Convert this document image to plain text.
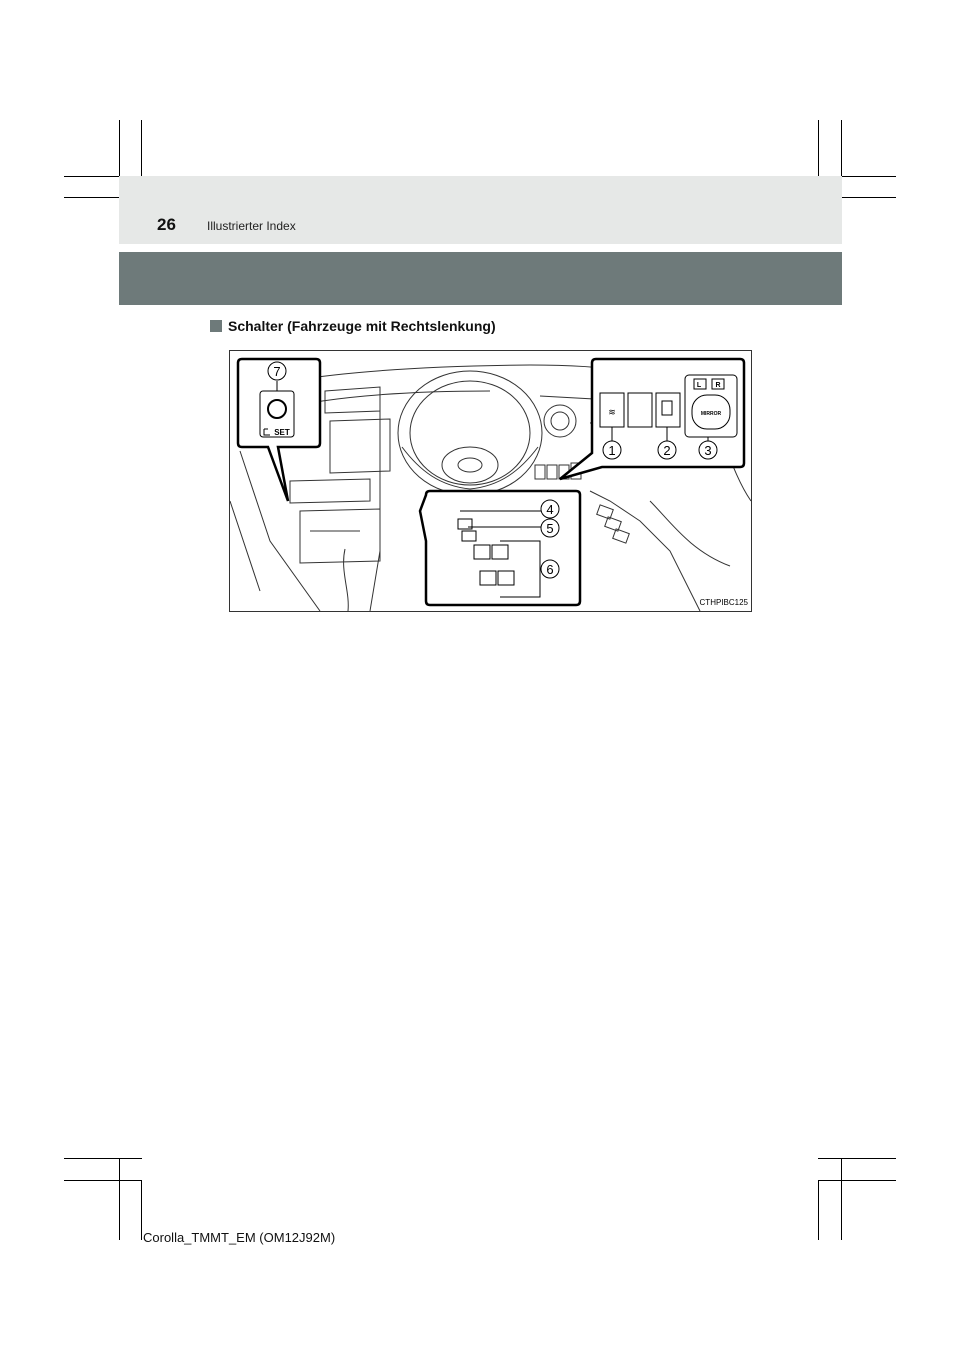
26	Illustrierter Index
Schalter (Fahrzeuge mit Rechtslenkung)
7
SET
≋
L R
MIRROR
1	2	3
4
5
6
CTHPIBC125
Corolla_TMMT_EM (OM12J92M)
